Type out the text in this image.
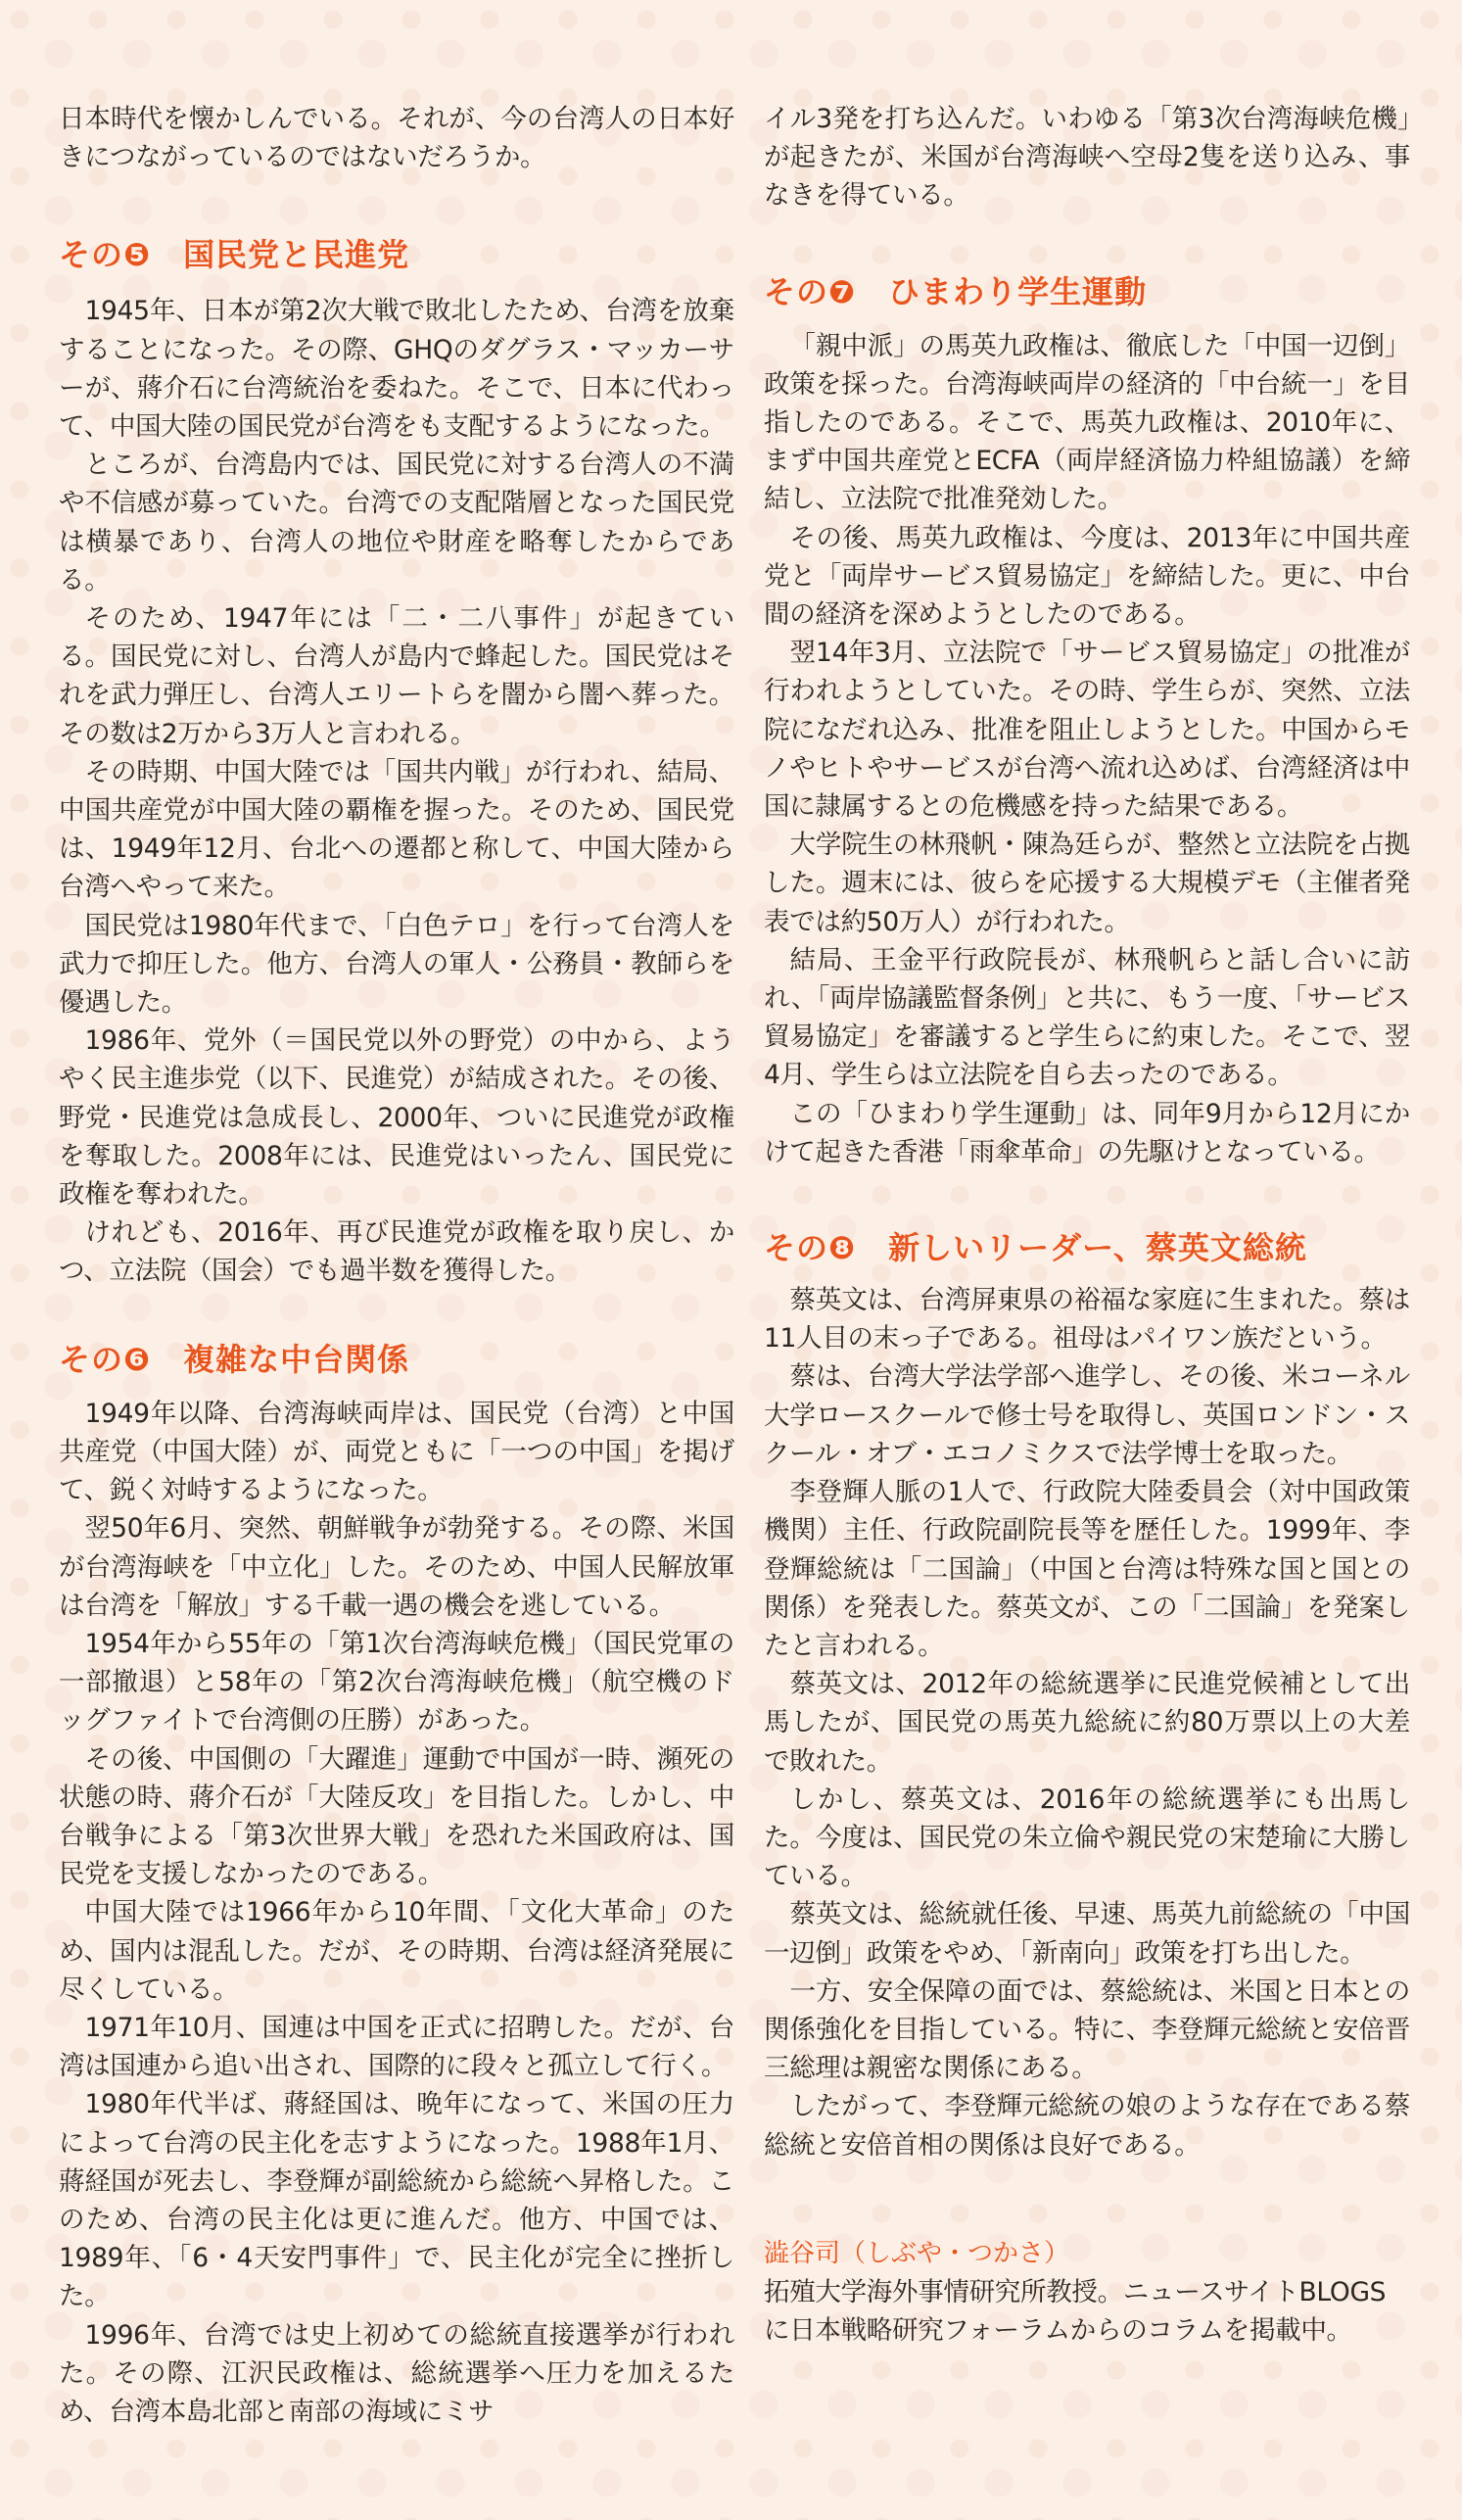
日本時代を懐かしんでいる。それが、今の台湾人の日本好きにつながっているのではないだろうか。

その❺　国民党と民進党

1945年、日本が第2次大戦で敗北したため、台湾を放棄することになった。その際、GHQのダグラス・マッカーサーが、蔣介石に台湾統治を委ねた。そこで、日本に代わって、中国大陸の国民党が台湾をも支配するようになった。

ところが、台湾島内では、国民党に対する台湾人の不満や不信感が募っていた。台湾での支配階層となった国民党は横暴であり、台湾人の地位や財産を略奪したからである。

そのため、1947年には「二・二八事件」が起きている。国民党に対し、台湾人が島内で蜂起した。国民党はそれを武力弾圧し、台湾人エリートらを闇から闇へ葬った。その数は2万から3万人と言われる。

その時期、中国大陸では「国共内戦」が行われ、結局、中国共産党が中国大陸の覇権を握った。そのため、国民党は、1949年12月、台北への遷都と称して、中国大陸から台湾へやって来た。

国民党は1980年代まで、「白色テロ」を行って台湾人を武力で抑圧した。他方、台湾人の軍人・公務員・教師らを優遇した。

1986年、党外（＝国民党以外の野党）の中から、ようやく民主進歩党（以下、民進党）が結成された。その後、野党・民進党は急成長し、2000年、ついに民進党が政権を奪取した。2008年には、民進党はいったん、国民党に政権を奪われた。

けれども、2016年、再び民進党が政権を取り戻し、かつ、立法院（国会）でも過半数を獲得した。

その❻　複雑な中台関係

1949年以降、台湾海峡両岸は、国民党（台湾）と中国共産党（中国大陸）が、両党ともに「一つの中国」を掲げて、鋭く対峙するようになった。

翌50年6月、突然、朝鮮戦争が勃発する。その際、米国が台湾海峡を「中立化」した。そのため、中国人民解放軍は台湾を「解放」する千載一遇の機会を逃している。

1954年から55年の「第1次台湾海峡危機」（国民党軍の一部撤退）と58年の「第2次台湾海峡危機」（航空機のドッグファイトで台湾側の圧勝）があった。

その後、中国側の「大躍進」運動で中国が一時、瀕死の状態の時、蔣介石が「大陸反攻」を目指した。しかし、中台戦争による「第3次世界大戦」を恐れた米国政府は、国民党を支援しなかったのである。

中国大陸では1966年から10年間、「文化大革命」のため、国内は混乱した。だが、その時期、台湾は経済発展に尽くしている。

1971年10月、国連は中国を正式に招聘した。だが、台湾は国連から追い出され、国際的に段々と孤立して行く。

1980年代半ば、蔣経国は、晩年になって、米国の圧力によって台湾の民主化を志すようになった。1988年1月、蔣経国が死去し、李登輝が副総統から総統へ昇格した。このため、台湾の民主化は更に進んだ。他方、中国では、1989年、「6・4天安門事件」で、民主化が完全に挫折した。

1996年、台湾では史上初めての総統直接選挙が行われた。その際、江沢民政権は、総統選挙へ圧力を加えるため、台湾本島北部と南部の海域にミサ

イル3発を打ち込んだ。いわゆる「第3次台湾海峡危機」が起きたが、米国が台湾海峡へ空母2隻を送り込み、事なきを得ている。

その❼　ひまわり学生運動

「親中派」の馬英九政権は、徹底した「中国一辺倒」政策を採った。台湾海峡両岸の経済的「中台統一」を目指したのである。そこで、馬英九政権は、2010年に、まず中国共産党とECFA（両岸経済協力枠組協議）を締結し、立法院で批准発効した。

その後、馬英九政権は、今度は、2013年に中国共産党と「両岸サービス貿易協定」を締結した。更に、中台間の経済を深めようとしたのである。

翌14年3月、立法院で「サービス貿易協定」の批准が行われようとしていた。その時、学生らが、突然、立法院になだれ込み、批准を阻止しようとした。中国からモノやヒトやサービスが台湾へ流れ込めば、台湾経済は中国に隷属するとの危機感を持った結果である。

大学院生の林飛帆・陳為廷らが、整然と立法院を占拠した。週末には、彼らを応援する大規模デモ（主催者発表では約50万人）が行われた。

結局、王金平行政院長が、林飛帆らと話し合いに訪れ、「両岸協議監督条例」と共に、もう一度、「サービス貿易協定」を審議すると学生らに約束した。そこで、翌4月、学生らは立法院を自ら去ったのである。

この「ひまわり学生運動」は、同年9月から12月にかけて起きた香港「雨傘革命」の先駆けとなっている。

その❽　新しいリーダー、蔡英文総統

蔡英文は、台湾屏東県の裕福な家庭に生まれた。蔡は11人目の末っ子である。祖母はパイワン族だという。

蔡は、台湾大学法学部へ進学し、その後、米コーネル大学ロースクールで修士号を取得し、英国ロンドン・スクール・オブ・エコノミクスで法学博士を取った。

李登輝人脈の1人で、行政院大陸委員会（対中国政策機関）主任、行政院副院長等を歴任した。1999年、李登輝総統は「二国論」（中国と台湾は特殊な国と国との関係）を発表した。蔡英文が、この「二国論」を発案したと言われる。

蔡英文は、2012年の総統選挙に民進党候補として出馬したが、国民党の馬英九総統に約80万票以上の大差で敗れた。

しかし、蔡英文は、2016年の総統選挙にも出馬した。今度は、国民党の朱立倫や親民党の宋楚瑜に大勝している。

蔡英文は、総統就任後、早速、馬英九前総統の「中国一辺倒」政策をやめ、「新南向」政策を打ち出した。

一方、安全保障の面では、蔡総統は、米国と日本との関係強化を目指している。特に、李登輝元総統と安倍晋三総理は親密な関係にある。

したがって、李登輝元総統の娘のような存在である蔡総統と安倍首相の関係は良好である。

澁谷司（しぶや・つかさ）
拓殖大学海外事情研究所教授。ニュースサイトBLOGSに日本戦略研究フォーラムからのコラムを掲載中。
